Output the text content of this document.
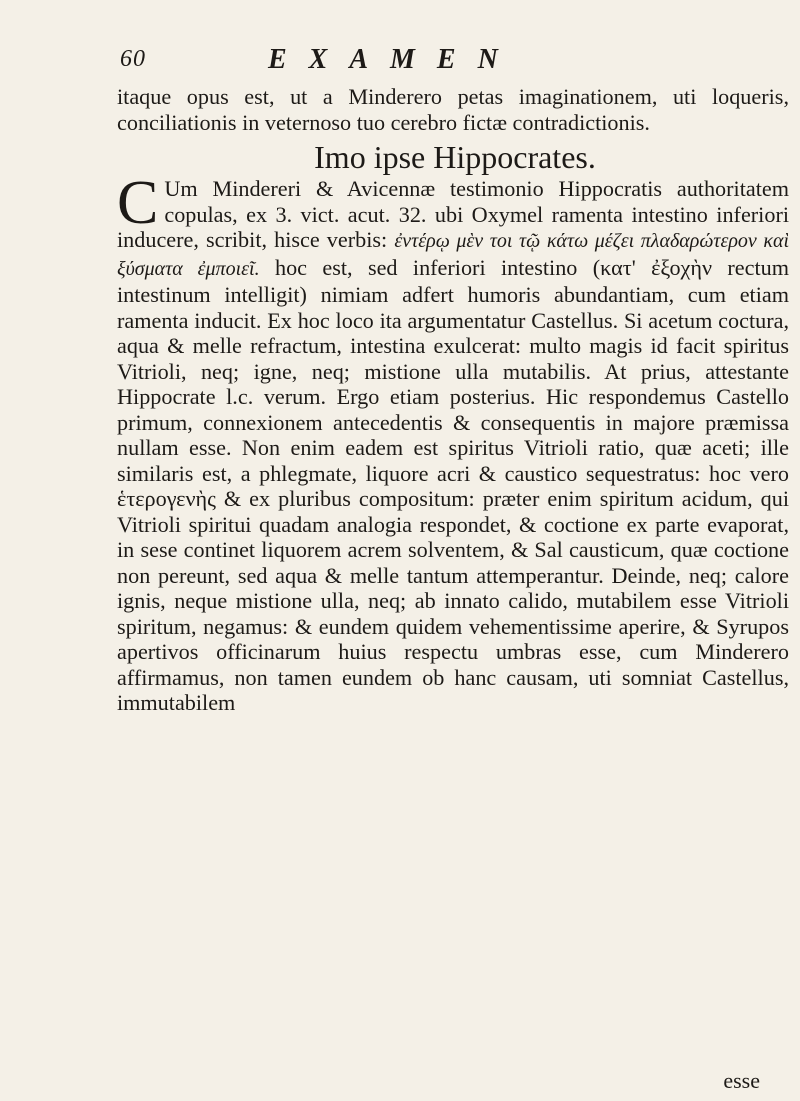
60	EXAMEN

itaque opus est, ut a Minderero petas imaginationem, uti loqueris, conciliationis in veternoso tuo cerebro fictæ contradictionis.

Imo ipse Hippocrates.

C Um Mindereri & Avicennæ testimonio Hippocratis authoritatem copulas, ex 3. vict. acut. 32. ubi Oxymel ramenta intestino inferiori inducere, scribit, hisce verbis: ἐντέρῳ μὲν τοι τῷ κάτω μέζει πλαδαρώτερον καὶ ξύσματα ἐμποιεῖ. hoc est, sed inferiori intestino (κατ' ἐξοχὴν rectum intestinum intelligit) nimiam adfert humoris abundantiam, cum etiam ramenta inducit. Ex hoc loco ita argumentatur Castellus. Si acetum coctura, aqua & melle refractum, intestina exulcerat: multo magis id facit spiritus Vitrioli, neq; igne, neq; mistione ulla mutabilis. At prius, attestante Hippocrate l.c. verum. Ergo etiam posterius. Hic respondemus Castello primum, connexionem antecedentis & consequentis in majore præmissa nullam esse. Non enim eadem est spiritus Vitrioli ratio, quæ aceti; ille similaris est, a phlegmate, liquore acri & caustico sequestratus: hoc vero ἑτερογενὴς & ex pluribus compositum: præter enim spiritum acidum, qui Vitrioli spiritui quadam analogia respondet, & coctione ex parte evaporat, in sese continet liquorem acrem solventem, & Sal causticum, quæ coctione non pereunt, sed aqua & melle tantum attemperantur. Deinde, neq; calore ignis, neque mistione ulla, neq; ab innato calido, mutabilem esse Vitrioli spiritum, negamus: & eundem quidem vehementissime aperire, & Syrupos apertivos officinarum huius respectu umbras esse, cum Minderero affirmamus, non tamen eundem ob hanc causam, uti somniat Castellus, immutabilem

esse
